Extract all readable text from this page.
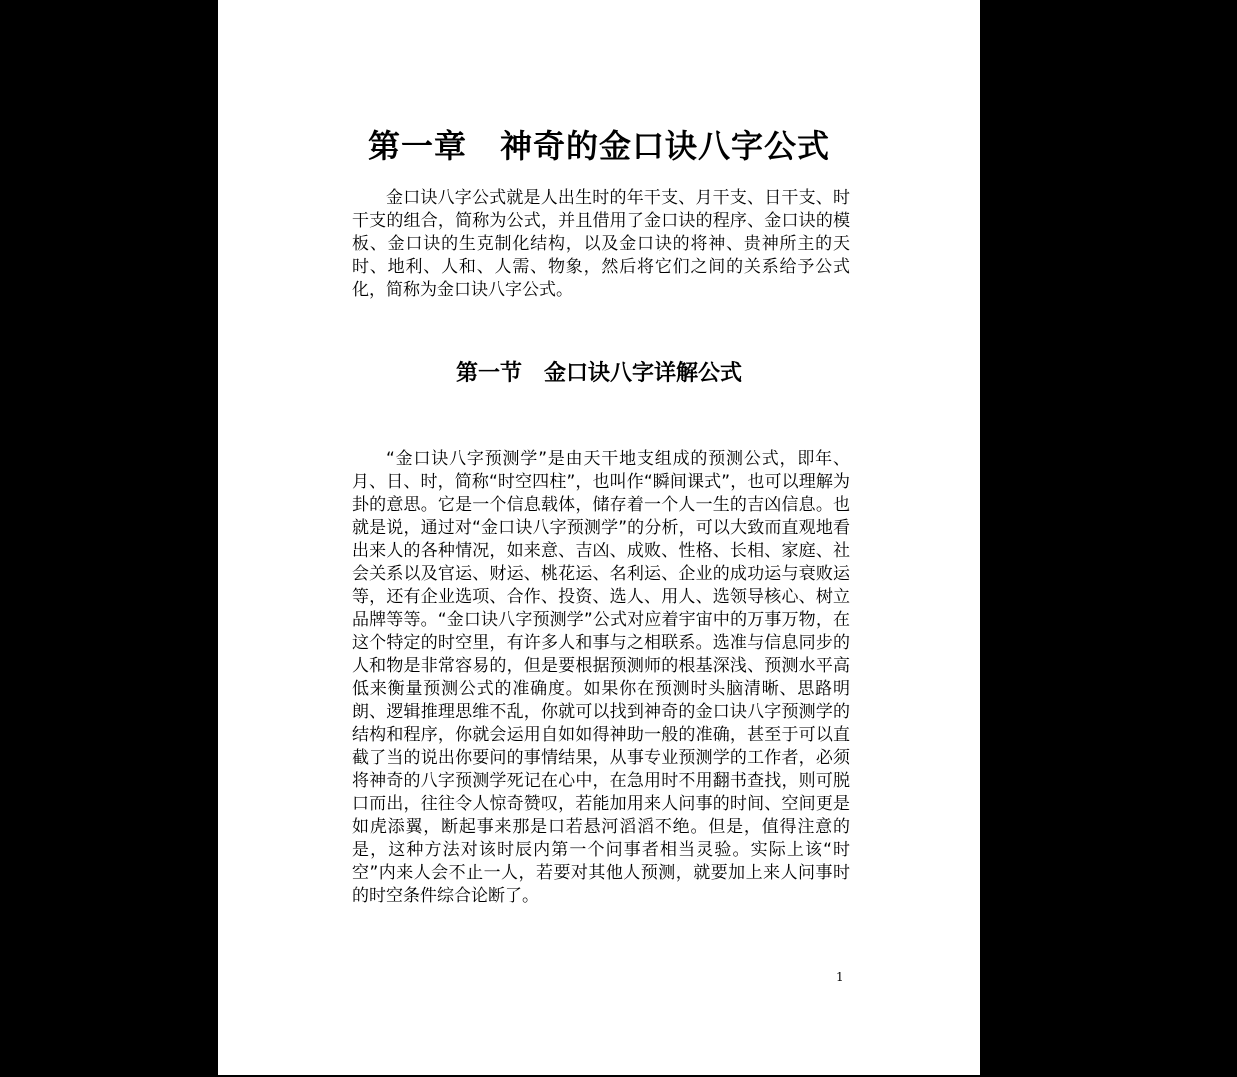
第一章　神奇的金口诀八字公式

金口诀八字公式就是人出生时的年干支、月干支、日干支、时干支的组合，简称为公式，并且借用了金口诀的程序、金口诀的模板、金口诀的生克制化结构，以及金口诀的将神、贵神所主的天时、地利、人和、人需、物象，然后将它们之间的关系给予公式化，简称为金口诀八字公式。

第一节　金口诀八字详解公式

“金口诀八字预测学”是由天干地支组成的预测公式，即年、月、日、时，简称“时空四柱”，也叫作“瞬间课式”，也可以理解为卦的意思。它是一个信息载体，储存着一个人一生的吉凶信息。也就是说，通过对“金口诀八字预测学”的分析，可以大致而直观地看出来人的各种情况，如来意、吉凶、成败、性格、长相、家庭、社会关系以及官运、财运、桃花运、名利运、企业的成功运与衰败运等，还有企业选项、合作、投资、选人、用人、选领导核心、树立品牌等等。“金口诀八字预测学”公式对应着宇宙中的万事万物，在这个特定的时空里，有许多人和事与之相联系。选准与信息同步的人和物是非常容易的，但是要根据预测师的根基深浅、预测水平高低来衡量预测公式的准确度。如果你在预测时头脑清晰、思路明朗、逻辑推理思维不乱，你就可以找到神奇的金口诀八字预测学的结构和程序，你就会运用自如如得神助一般的准确，甚至于可以直截了当的说出你要问的事情结果，从事专业预测学的工作者，必须将神奇的八字预测学死记在心中，在急用时不用翻书查找，则可脱口而出，往往令人惊奇赞叹，若能加用来人问事的时间、空间更是如虎添翼，断起事来那是口若悬河滔滔不绝。但是，值得注意的是，这种方法对该时辰内第一个问事者相当灵验。实际上该“时空”内来人会不止一人，若要对其他人预测，就要加上来人问事时的时空条件综合论断了。

1
